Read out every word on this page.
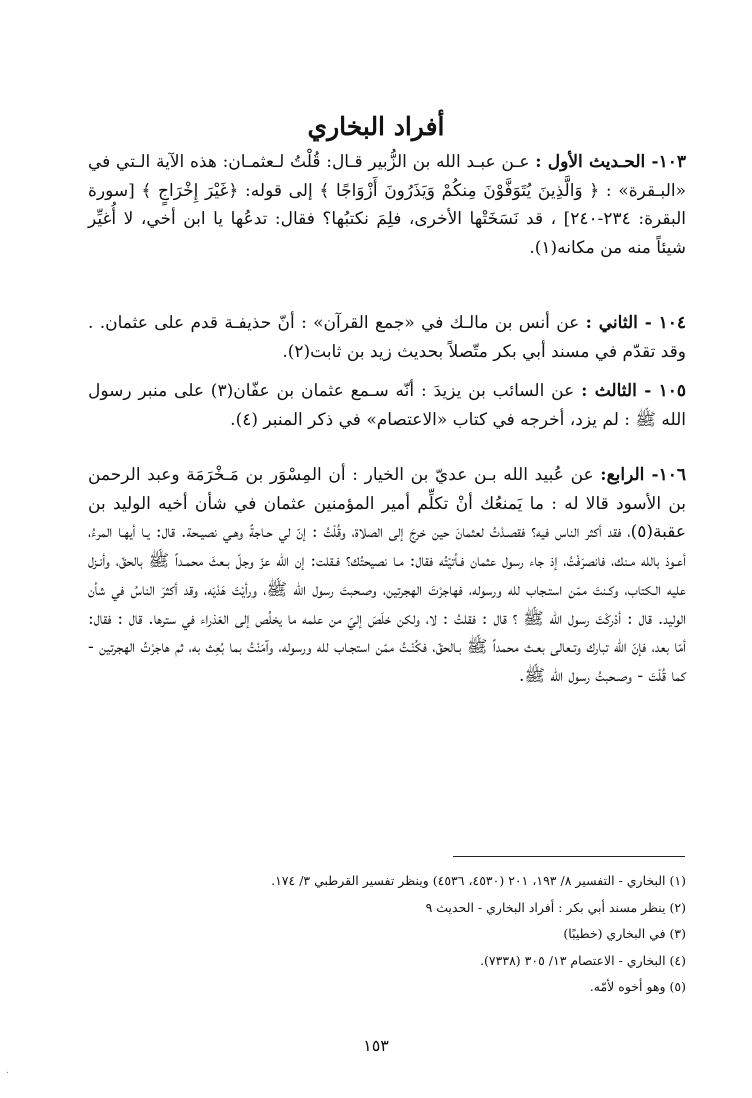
أفراد البخاري

١٠٣- الحـديث الأول : عـن عبـد الله بن الزُّبير قـال: قُلْتُ لـعثمـان: هذه الآية الـتي في «البـقرة» : ﴿ وَالَّذِينَ يُتَوَفَّوْنَ مِنكُمْ وَيَذَرُونَ أَزْوَاجًا ﴾ إلى قوله: ﴿غَيْرَ إِخْرَاجٍ ﴾ [سورة البقرة: ٢٣٤-٢٤٠] ، قد نَسَخَتْها الأخرى، فلِمَ نكتبُها؟ فقال: تدعُها يا ابن أخي، لا أُغيِّر شيئاً منه من مكانه(١).

١٠٤ - الثاني : عن أنس بن مالـك في «جمع القرآن» : أنّ حذيفـة قدم على عثمان. . وقد تقدّم في مسند أبي بكر متّصلاً بحديث زيد بن ثابت(٢).

١٠٥ - الثالث : عن السائب بن يزيدَ : أنّه سـمع عثمان بن عفّان(٣) على منبر رسول الله ﷺ : لم يزد، أخرجه في كتاب «الاعتصام» في ذكر المنبر (٤).

١٠٦- الرابع: عن عُبيد الله بـن عديّ بن الخيار : أن المِسْوَر بن مَـخْرَمَة وعبد الرحمن بن الأسود قالا له : ما يَمنعُك أنْ تكلِّم أمير المؤمنين عثمان في شأن أخيه الوليد بن عقبة(٥)، فقد أكثر الناس فيه؟ فقصـدْتُ لعثمانَ حين خرجَ إلى الصلاة، وقُلْتُ : إنّ لي حـاجةً وهـي نصيـحة. قال: يـا أيهـا المرءُ، أعـوذ بالله مـنك، فانصرَفْتُ، إذ جاء رسول عثمان فـأتيْتُه فقال: مـا نصيحتُك؟ فـقلت: إن الله عزّ وجلّ بـعثَ محمـداً ﷺ بالحقّ، وأنـزل عليه الـكتاب، وكـنتَ ممّن استـجاب لله ورسوله، فهاجرْتَ الهجرتين، وصـحبتَ رسول الله ﷺ، ورأيْتَ هَدْيَه، وقد أكثرَ الناسُ في شأن الوليد. قال : أدْركْتَ رسول الله ﷺ ؟ قال : فقلتُ : لا، ولكن خلَصَ إليّ من علمه ما يخلُص إلى العَذراء في سترها. قال : فقال: أمّا بعد، فإنّ الله تبارك وتـعالى بعـث محمداً ﷺ بـالحقّ، فكُنْـتُ ممّن استجـاب لله ورسوله، وآمَنْتُ بما بُعِث به، ثم هاجرْتُ الهجرتين - كما قُلْتَ - وصـحبتُ رسول الله ﷺ.

(١) البخاري - التفسير ٨/ ١٩٣، ٢٠١ (٤٥٣٠، ٤٥٣٦) وينظر تفسير القرطبي ٣/ ١٧٤.

(٢) ينظر مسند أبي بكر : أفراد البخاري - الحديث ٩

(٣) في البخاري (خطيبًا)

(٤) البخاري - الاعتصام ١٣/ ٣٠٥ (٧٣٣٨).

(٥) وهو أخوه لأمّه.

١٥٣
.
